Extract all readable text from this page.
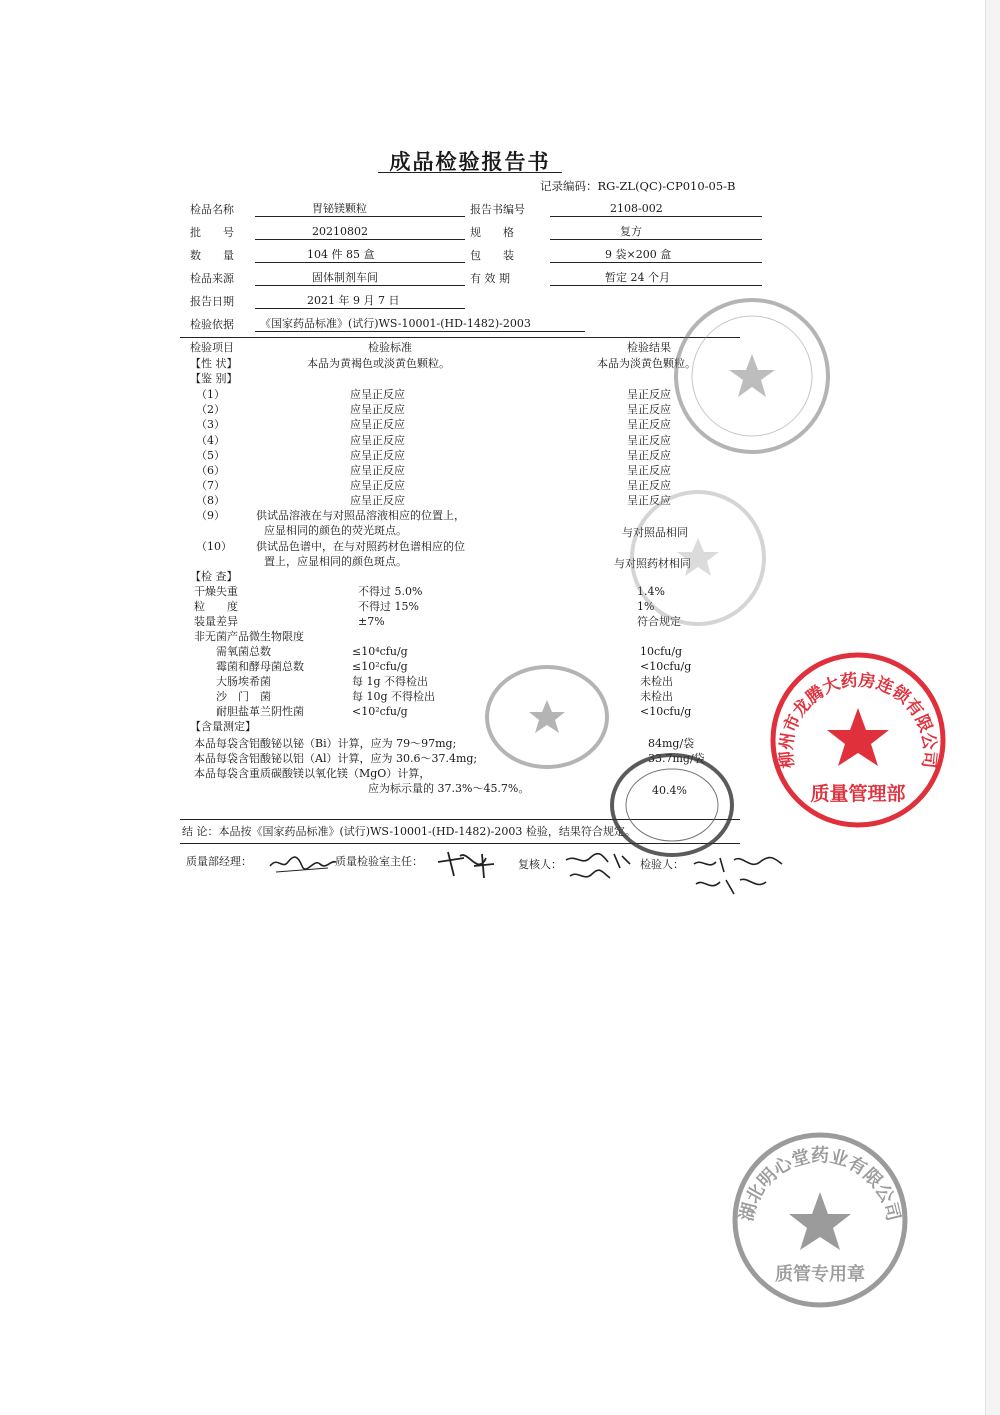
成品检验报告书
记录编码：RG-ZL(QC)-CP010-05-B
检品名称	胃铋镁颗粒	报告书编号	2108-002
批　　号	20210802	规　　格	复方
数　　量	104 件 85 盒	包　　装	9 袋×200 盒
检品来源	固体制剂车间	有 效 期	暂定 24 个月
报告日期	2021 年 9 月 7 日
检验依据 《国家药品标准》(试行)WS-10001-(HD-1482)-2003
检验项目	检验标准	检验结果
【性 状】	本品为黄褐色或淡黄色颗粒。	本品为淡黄色颗粒。
【鉴 别】
（1）	应呈正反应	呈正反应
（2）	应呈正反应	呈正反应
（3）	应呈正反应	呈正反应
（4）	应呈正反应	呈正反应
（5）	应呈正反应	呈正反应
（6）	应呈正反应	呈正反应
（7）	应呈正反应	呈正反应
（8）	应呈正反应	呈正反应
（9）	供试品溶液在与对照品溶液相应的位置上，
应显相同的颜色的荧光斑点。	与对照品相同
（10） 供试品色谱中，在与对照药材色谱相应的位
置上，应显相同的颜色斑点。	与对照药材相同
【检 查】
干燥失重	不得过 5.0%	1.4%
粒　　度	不得过 15%	1%
装量差异	±7%	符合规定
非无菌产品微生物限度
需氧菌总数	≤10⁴cfu/g	10cfu/g
霉菌和酵母菌总数	≤10²cfu/g	<10cfu/g
大肠埃希菌	每 1g 不得检出	未检出
沙　门　菌	每 10g 不得检出	未检出
耐胆盐革兰阴性菌	<10²cfu/g	<10cfu/g
【含量测定】
本品每袋含铝酸铋以铋（Bi）计算，应为 79～97mg;	84mg/袋
本品每袋含铝酸铋以铝（Al）计算，应为 30.6～37.4mg;	33.7mg/袋
本品每袋含重质碳酸镁以氧化镁（MgO）计算，
应为标示量的 37.3%～45.7%。	40.4%
结 论：本品按《国家药品标准》(试行)WS-10001-(HD-1482)-2003 检验，结果符合规定。
质量部经理：	质量检验室主任：	复核人：	检验人：
柳州市龙腾大药房连锁有限公司
质量管理部
湖北明心堂药业有限公司
质管专用章
